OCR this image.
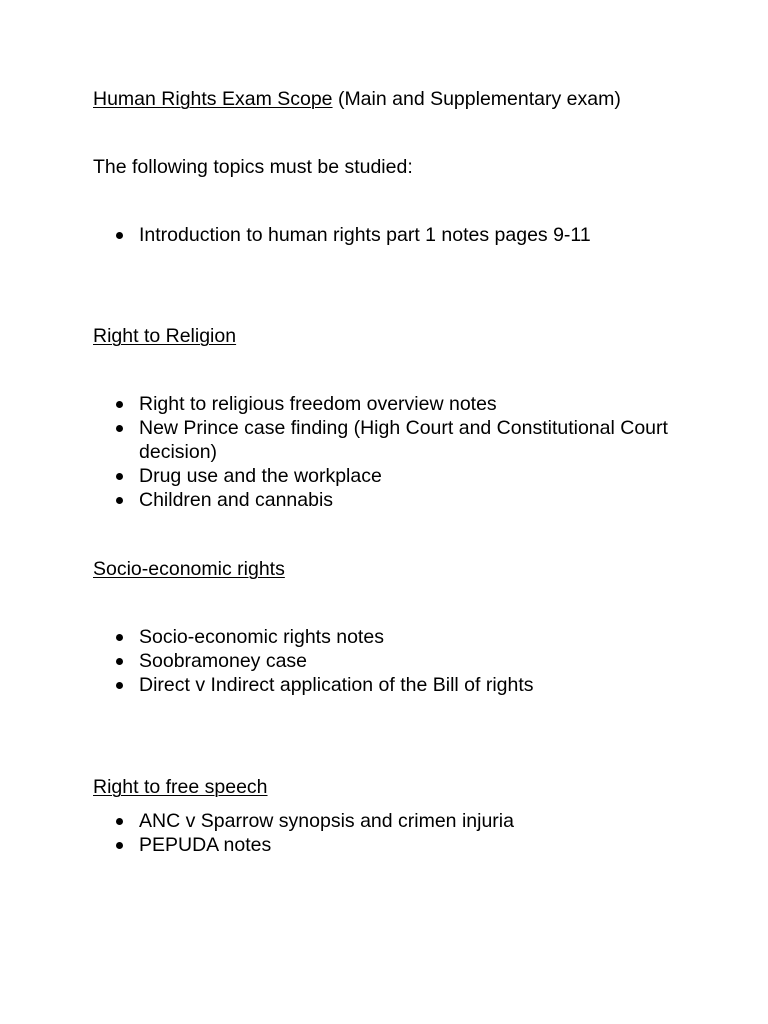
Human Rights Exam Scope (Main and Supplementary exam)
The following topics must be studied:
Introduction to human rights part 1 notes pages 9-11
Right to Religion
Right to religious freedom overview notes
New Prince case finding (High Court and Constitutional Court decision)
Drug use and the workplace
Children and cannabis
Socio-economic rights
Socio-economic rights notes
Soobramoney case
Direct v Indirect application of the Bill of rights
Right to free speech
ANC v Sparrow synopsis and crimen injuria
PEPUDA notes
